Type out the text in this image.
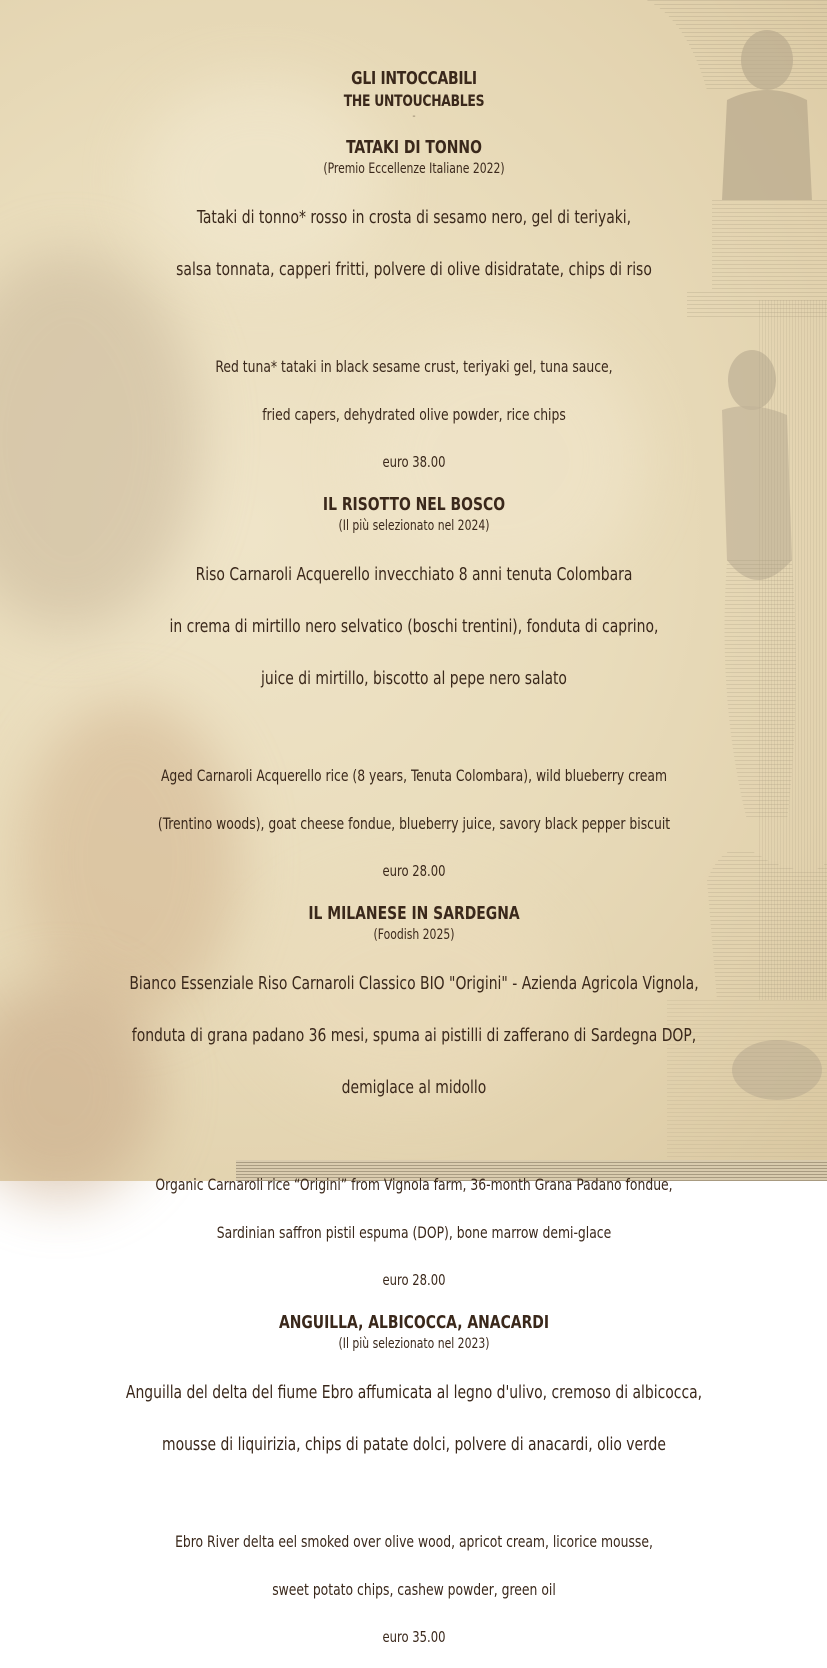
GLI INTOCCABILI
THE UNTOUCHABLES
-
TATAKI DI TONNO
(Premio Eccellenze Italiane 2022)

Tataki di tonno* rosso in crosta di sesamo nero, gel di teriyaki,

salsa tonnata, capperi fritti, polvere di olive disidratate, chips di riso

Red tuna* tataki in black sesame crust, teriyaki gel, tuna sauce,

fried capers, dehydrated olive powder, rice chips

euro 38.00
IL RISOTTO NEL BOSCO
(Il più selezionato nel 2024)

Riso Carnaroli Acquerello invecchiato 8 anni tenuta Colombara

in crema di mirtillo nero selvatico (boschi trentini), fonduta di caprino,

juice di mirtillo, biscotto al pepe nero salato

Aged Carnaroli Acquerello rice (8 years, Tenuta Colombara), wild blueberry cream

(Trentino woods), goat cheese fondue, blueberry juice, savory black pepper biscuit

euro 28.00
IL MILANESE IN SARDEGNA
(Foodish 2025)

Bianco Essenziale Riso Carnaroli Classico BIO "Origini" - Azienda Agricola Vignola,

fonduta di grana padano 36 mesi, spuma ai pistilli di zafferano di Sardegna DOP,

demiglace al midollo

Organic Carnaroli rice “Origini” from Vignola farm, 36-month Grana Padano fondue,

Sardinian saffron pistil espuma (DOP), bone marrow demi-glace

euro 28.00
ANGUILLA, ALBICOCCA, ANACARDI
(Il più selezionato nel 2023)

Anguilla del delta del fiume Ebro affumicata al legno d'ulivo, cremoso di albicocca,

mousse di liquirizia, chips di patate dolci, polvere di anacardi, olio verde

Ebro River delta eel smoked over olive wood, apricot cream, licorice mousse,

sweet potato chips, cashew powder, green oil

euro 35.00
